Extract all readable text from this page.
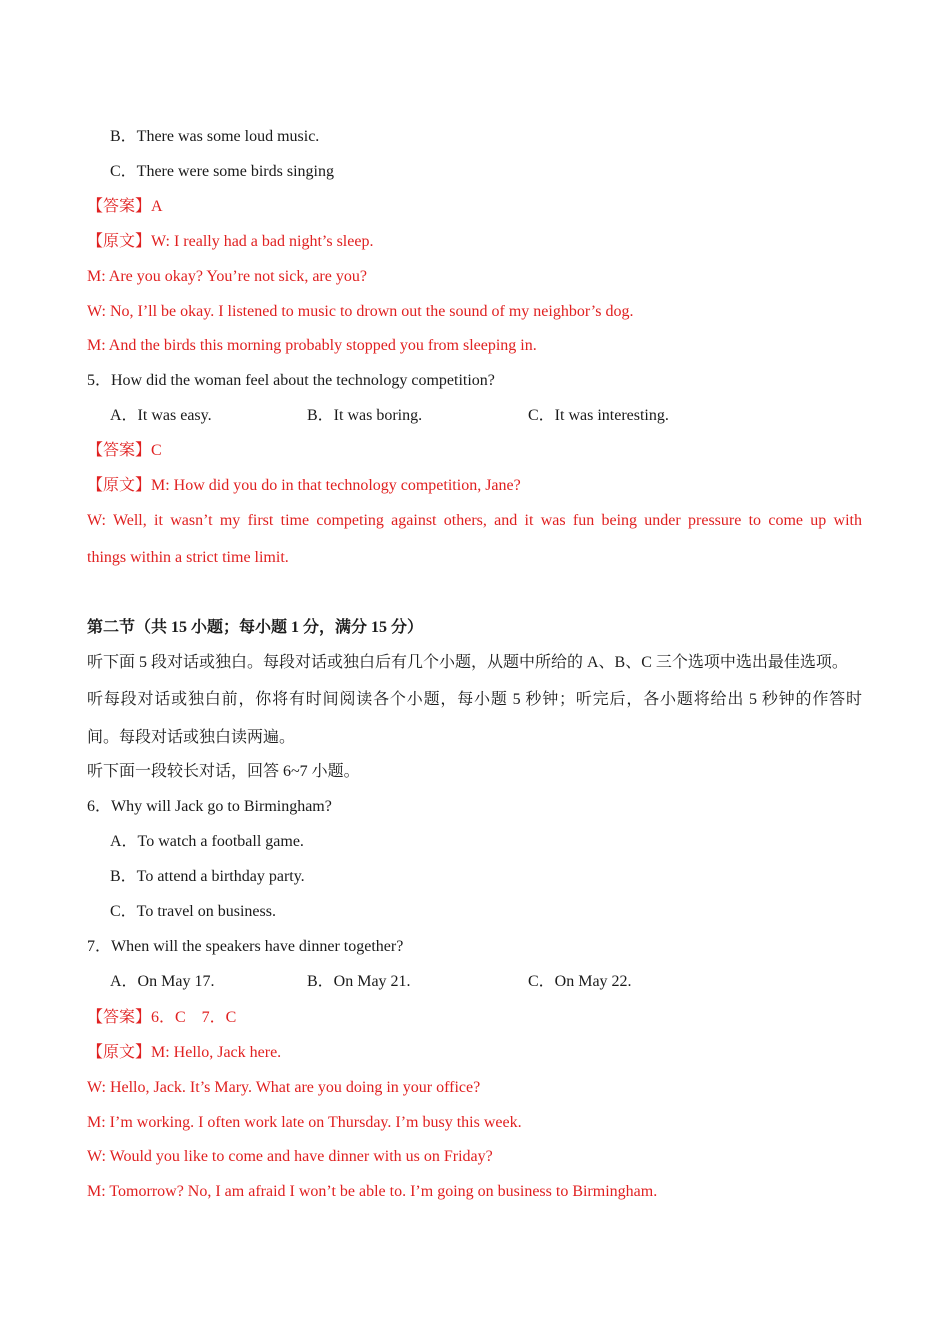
B．There was some loud music.
C．There were some birds singing
【答案】A
【原文】W: I really had a bad night’s sleep.
M: Are you okay? You’re not sick, are you?
W: No, I’ll be okay. I listened to music to drown out the sound of my neighbor’s dog.
M: And the birds this morning probably stopped you from sleeping in.
5．How did the woman feel about the technology competition?
A．It was easy.	B．It was boring.	C．It was interesting.
【答案】C
【原文】M: How did you do in that technology competition, Jane?
W: Well, it wasn’t my first time competing against others, and it was fun being under pressure to come up with
things within a strict time limit.
第二节（共 15 小题；每小题 1 分，满分 15 分）
听下面 5 段对话或独白。每段对话或独白后有几个小题，从题中所给的 A、B、C 三个选项中选出最佳选项。
听每段对话或独白前，你将有时间阅读各个小题，每小题 5 秒钟；听完后，各小题将给出 5 秒钟的作答时
间。每段对话或独白读两遍。
听下面一段较长对话，回答 6~7 小题。
6．Why will Jack go to Birmingham?
A．To watch a football game.
B．To attend a birthday party.
C．To travel on business.
7．When will the speakers have dinner together?
A．On May 17.	B．On May 21.	C．On May 22.
【答案】6．C　7．C
【原文】M: Hello, Jack here.
W: Hello, Jack. It’s Mary. What are you doing in your office?
M: I’m working. I often work late on Thursday. I’m busy this week.
W: Would you like to come and have dinner with us on Friday?
M: Tomorrow? No, I am afraid I won’t be able to. I’m going on business to Birmingham.
